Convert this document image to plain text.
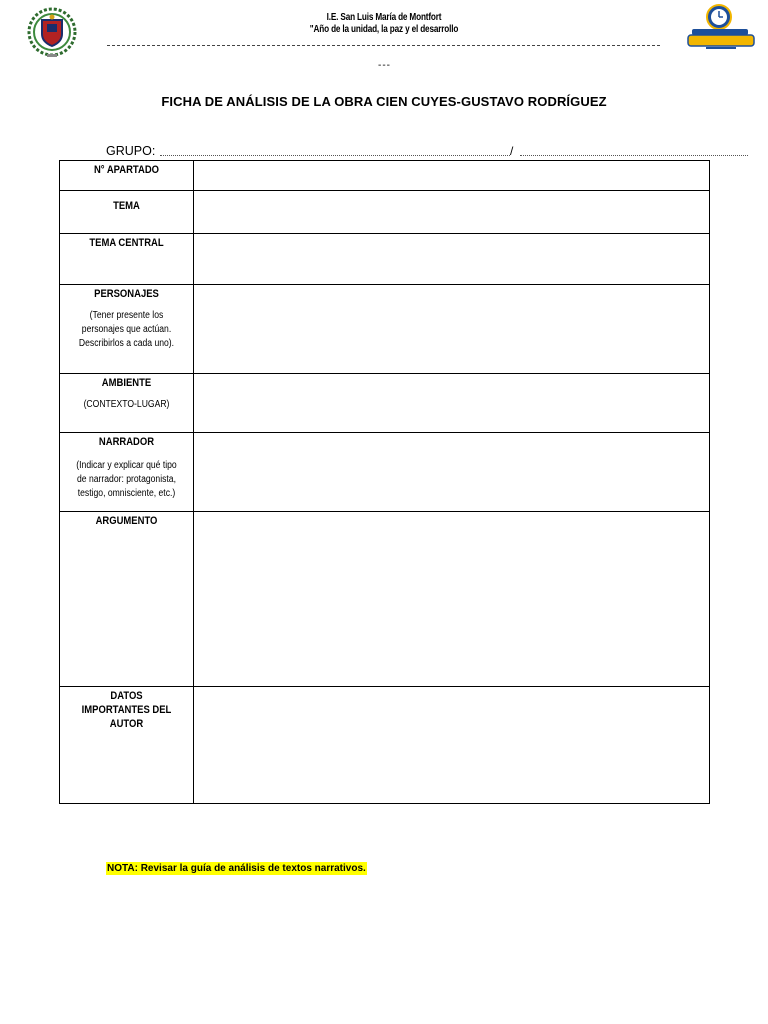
I.E. San Luis María de Montfort
"Año de la unidad, la paz y el desarrollo
---
FICHA DE ANÁLISIS DE LA OBRA CIEN CUYES-GUSTAVO RODRÍGUEZ
GRUPO:	/
N° APARTADO	

TEMA	

TEMA CENTRAL	

PERSONAJES
(Tener presente los personajes que actúan. Describirlos a cada uno).	

AMBIENTE
(CONTEXTO-LUGAR)	

NARRADOR
(Indicar y explicar qué tipo de narrador: protagonista, testigo, omnisciente, etc.)	

ARGUMENTO	

DATOS IMPORTANTES DEL AUTOR	

NOTA: Revisar la guía de análisis de textos narrativos.
